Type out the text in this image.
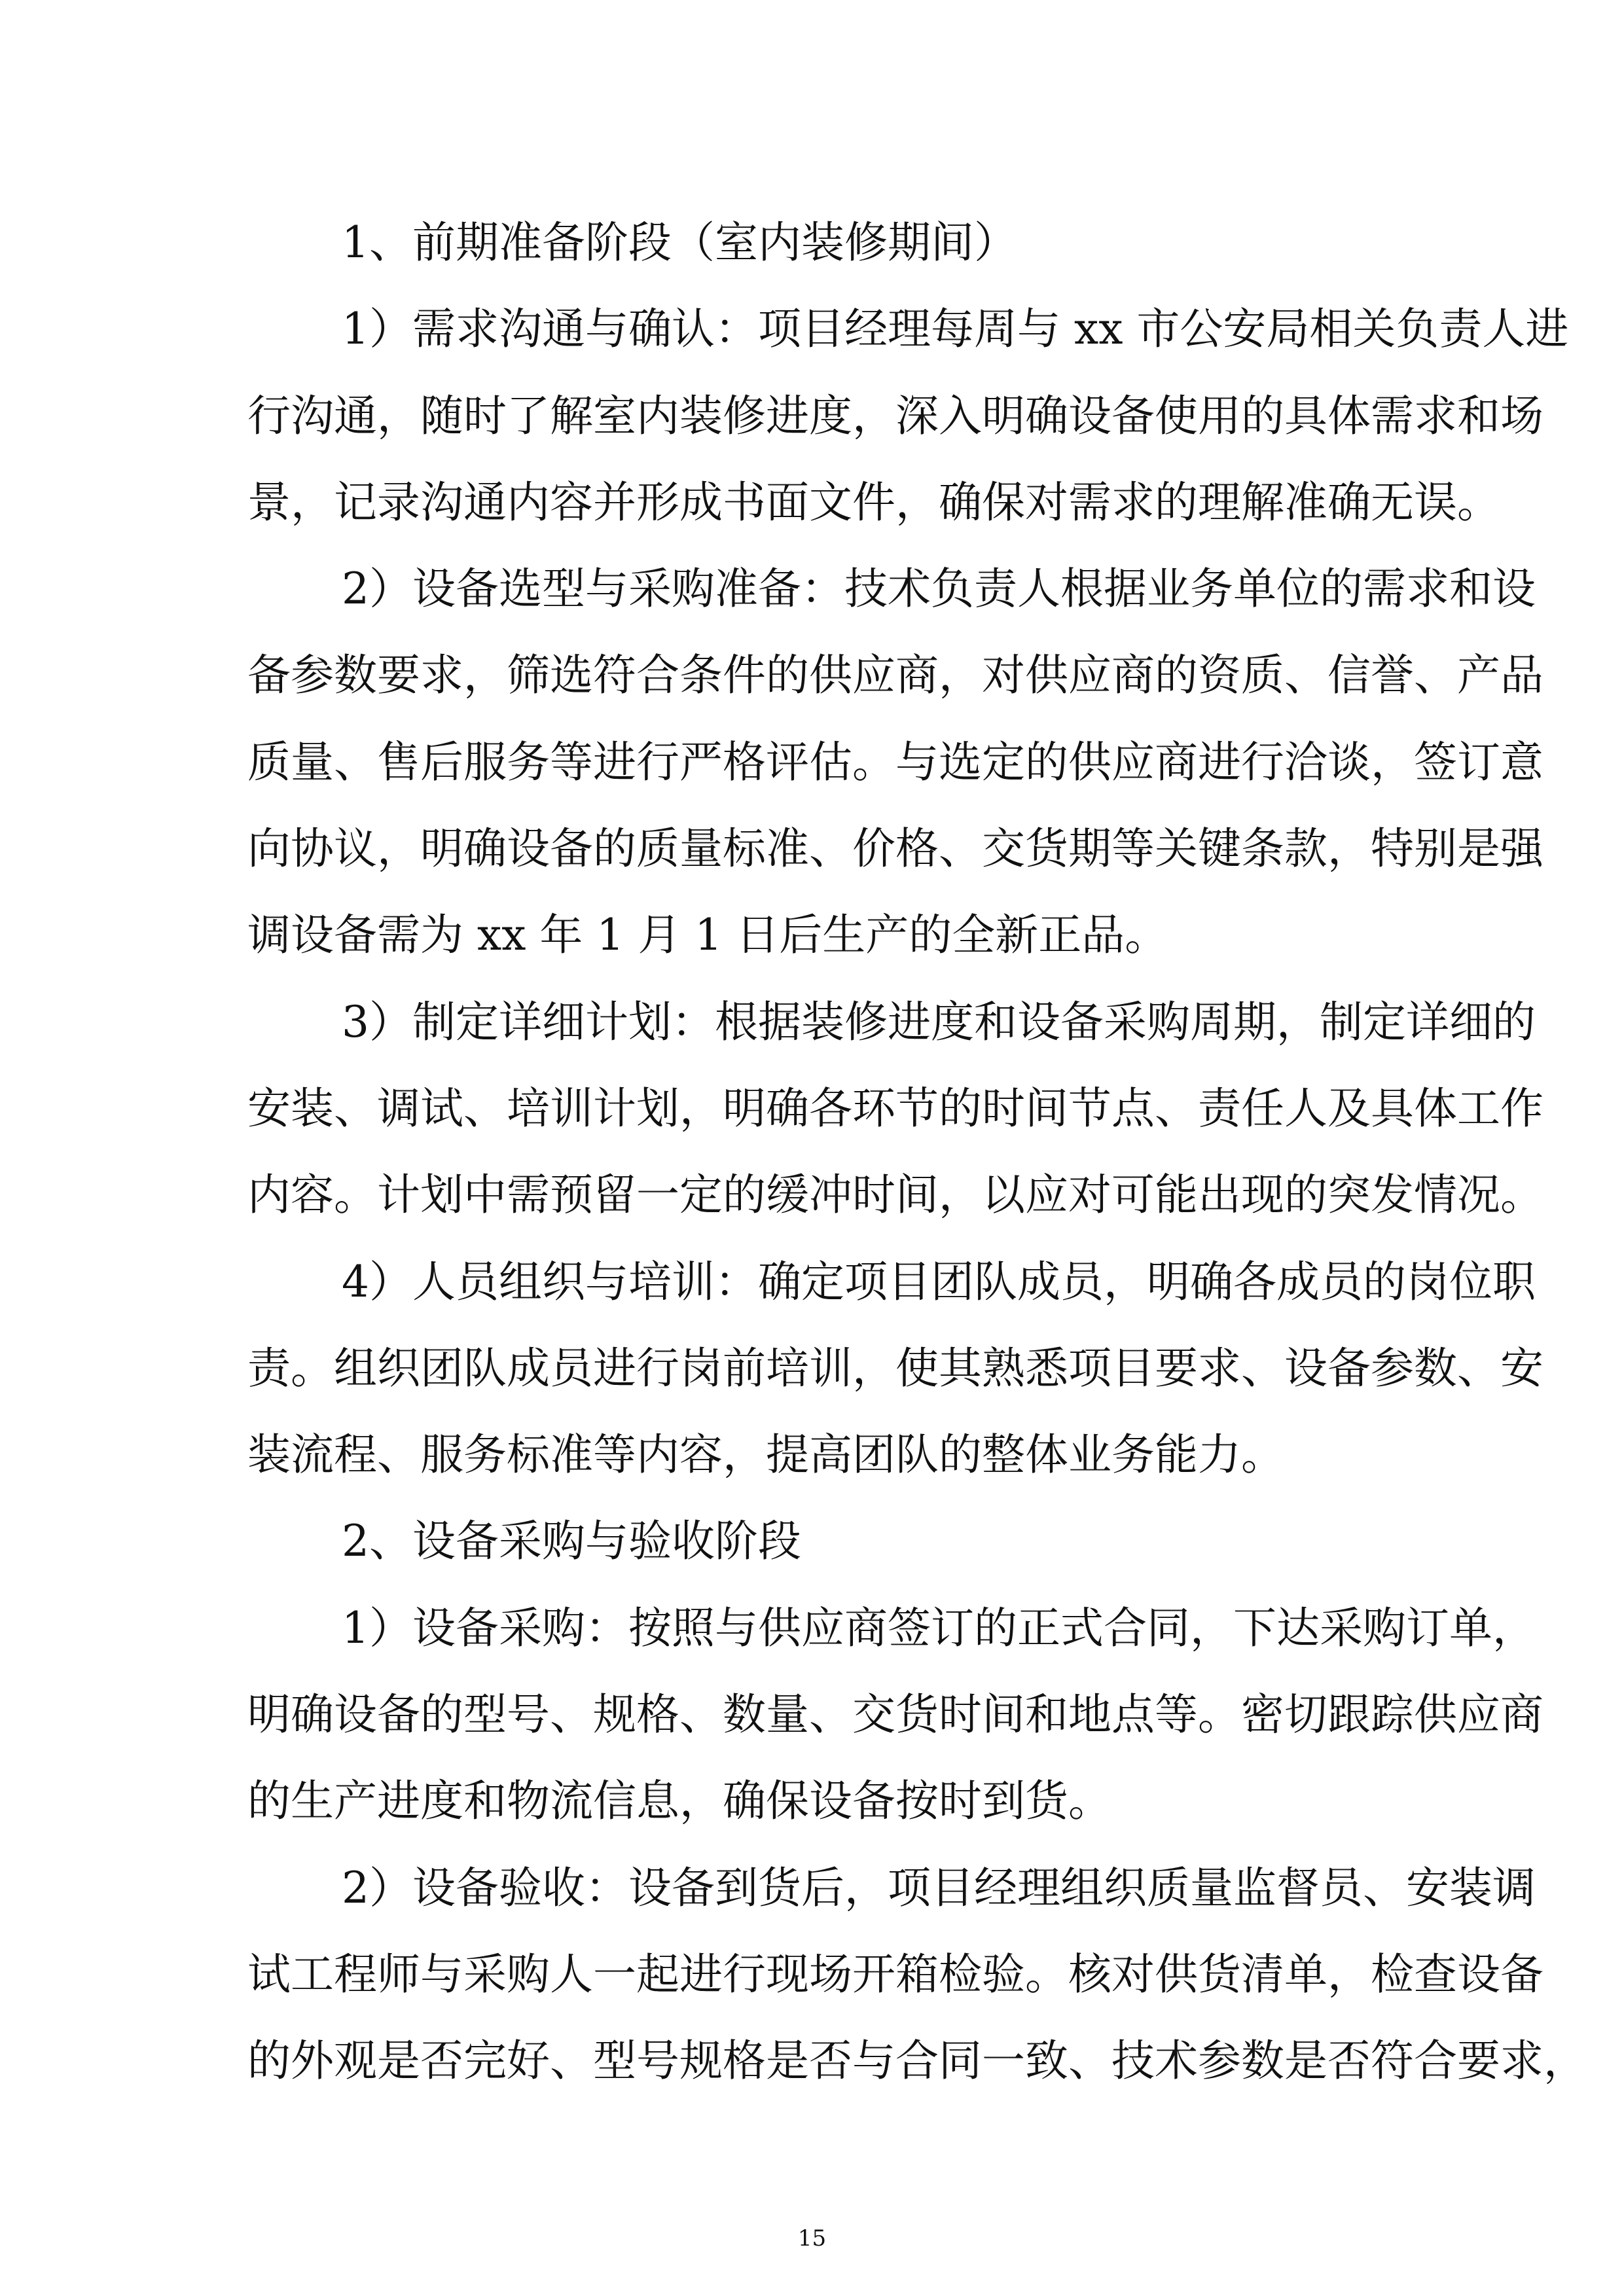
1、前期准备阶段（室内装修期间）
1）需求沟通与确认：项目经理每周与 xx 市公安局相关负责人进
行沟通，随时了解室内装修进度，深入明确设备使用的具体需求和场
景，记录沟通内容并形成书面文件，确保对需求的理解准确无误。
2）设备选型与采购准备：技术负责人根据业务单位的需求和设
备参数要求，筛选符合条件的供应商，对供应商的资质、信誉、产品
质量、售后服务等进行严格评估。与选定的供应商进行洽谈，签订意
向协议，明确设备的质量标准、价格、交货期等关键条款，特别是强
调设备需为 xx 年 1 月 1 日后生产的全新正品。
3）制定详细计划：根据装修进度和设备采购周期，制定详细的
安装、调试、培训计划，明确各环节的时间节点、责任人及具体工作
内容。计划中需预留一定的缓冲时间，以应对可能出现的突发情况。
4）人员组织与培训：确定项目团队成员，明确各成员的岗位职
责。组织团队成员进行岗前培训，使其熟悉项目要求、设备参数、安
装流程、服务标准等内容，提高团队的整体业务能力。
2、设备采购与验收阶段
1）设备采购：按照与供应商签订的正式合同，下达采购订单，
明确设备的型号、规格、数量、交货时间和地点等。密切跟踪供应商
的生产进度和物流信息，确保设备按时到货。
2）设备验收：设备到货后，项目经理组织质量监督员、安装调
试工程师与采购人一起进行现场开箱检验。核对供货清单，检查设备
的外观是否完好、型号规格是否与合同一致、技术参数是否符合要求，
15
